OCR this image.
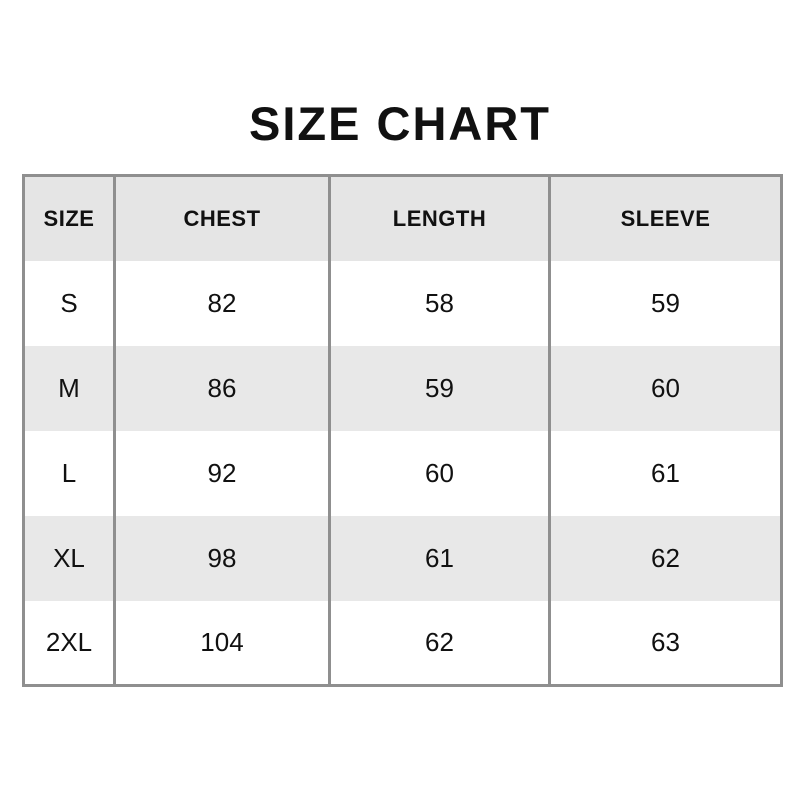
SIZE CHART
SIZE	CHEST	LENGTH	SLEEVE
S	82	58	59
M	86	59	60
L	92	60	61
XL	98	61	62
2XL	104	62	63
